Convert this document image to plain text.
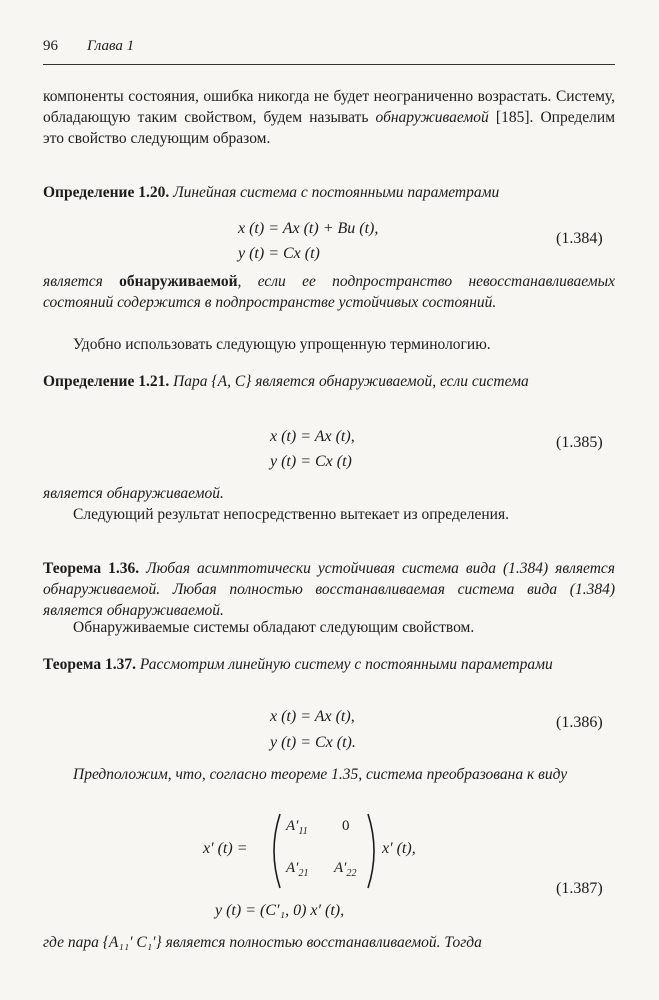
96 Глава 1
компоненты состояния, ошибка никогда не будет неограниченно возрастать. Систему, обладающую таким свойством, будем называть обнаруживаемой [185]. Определим это свойство следующим образом.
Определение 1.20. Линейная система с постоянными параметрами
x (t) = Ax (t) + Bu (t),
y (t) = Cx (t)
(1.384)
является обнаруживаемой, если ее подпространство невосстанавливаемых состояний содержится в подпространстве устойчивых состояний.
Удобно использовать следующую упрощенную терминологию.
Определение 1.21. Пара {A, C} является обнаруживаемой, если система
x (t) = Ax (t),
y (t) = Cx (t)
(1.385)
является обнаруживаемой.
Следующий результат непосредственно вытекает из определения.
Теорема 1.36. Любая асимптотически устойчивая система вида (1.384) является обнаруживаемой. Любая полностью восстанавливаемая система вида (1.384) является обнаруживаемой.
Обнаруживаемые системы обладают следующим свойством.
Теорема 1.37. Рассмотрим линейную систему с постоянными параметрами
x (t) = Ax (t),
y (t) = Cx (t).
(1.386)
Предположим, что, согласно теореме 1.35, система преобразована к виду
x′ (t) =
$A'_{11}$ 0
$A'_{21}$ $A'_{22}$
x′ (t),
y (t) = (C′₁, 0) x′ (t),
(1.387)
где пара {A₁₁′ C₁′} является полностью восстанавливаемой. Тогда
